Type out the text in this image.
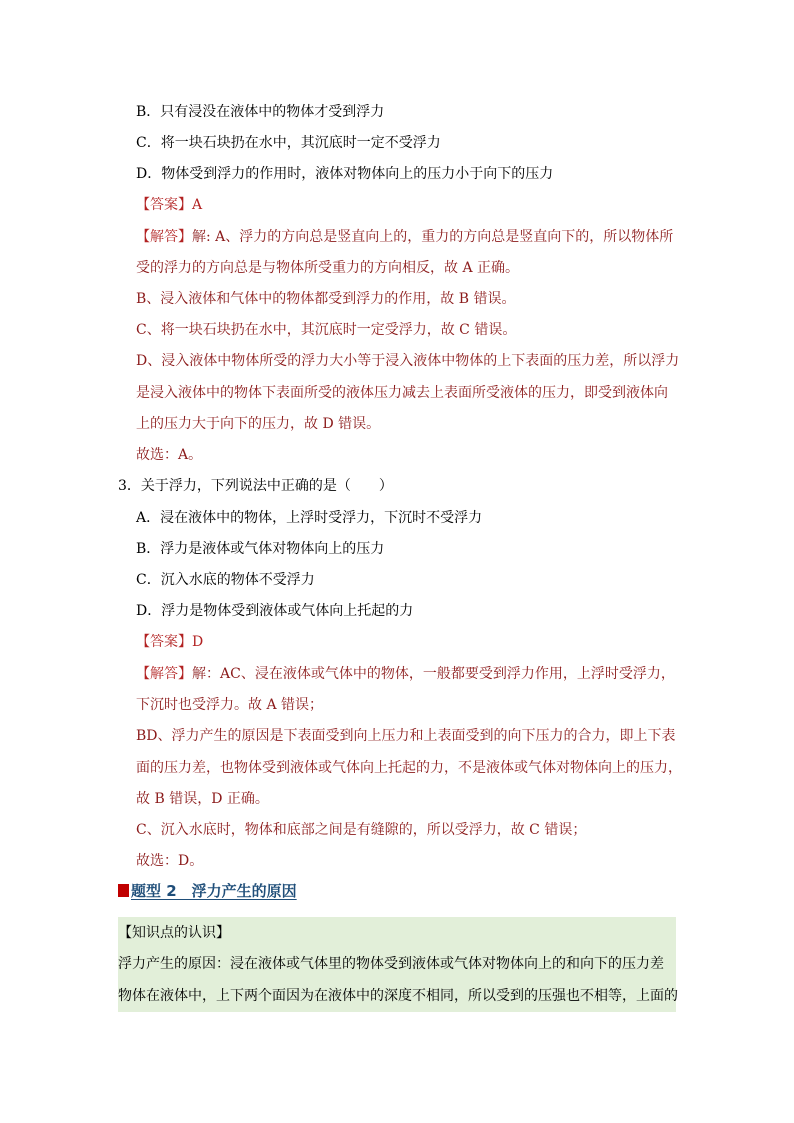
B．只有浸没在液体中的物体才受到浮力
C．将一块石块扔在水中，其沉底时一定不受浮力
D．物体受到浮力的作用时，液体对物体向上的压力小于向下的压力
【答案】A
【解答】解: A、浮力的方向总是竖直向上的，重力的方向总是竖直向下的，所以物体所
受的浮力的方向总是与物体所受重力的方向相反，故 A 正确。
B、浸入液体和气体中的物体都受到浮力的作用，故 B 错误。
C、将一块石块扔在水中，其沉底时一定受浮力，故 C 错误。
D、浸入液体中物体所受的浮力大小等于浸入液体中物体的上下表面的压力差，所以浮力
是浸入液体中的物体下表面所受的液体压力减去上表面所受液体的压力，即受到液体向
上的压力大于向下的压力，故 D 错误。
故选：A。
3．关于浮力，下列说法中正确的是（　　）
A．浸在液体中的物体，上浮时受浮力，下沉时不受浮力
B．浮力是液体或气体对物体向上的压力
C．沉入水底的物体不受浮力
D．浮力是物体受到液体或气体向上托起的力
【答案】D
【解答】解：AC、浸在液体或气体中的物体，一般都要受到浮力作用，上浮时受浮力，
下沉时也受浮力。故 A 错误；
BD、浮力产生的原因是下表面受到向上压力和上表面受到的向下压力的合力，即上下表
面的压力差，也物体受到液体或气体向上托起的力，不是液体或气体对物体向上的压力，
故 B 错误，D 正确。
C、沉入水底时，物体和底部之间是有缝隙的，所以受浮力，故 C 错误；
故选：D。
题型 2　浮力产生的原因
【知识点的认识】
浮力产生的原因：浸在液体或气体里的物体受到液体或气体对物体向上的和向下的压力差
物体在液体中，上下两个面因为在液体中的深度不相同，所以受到的压强也不相等，上面的
